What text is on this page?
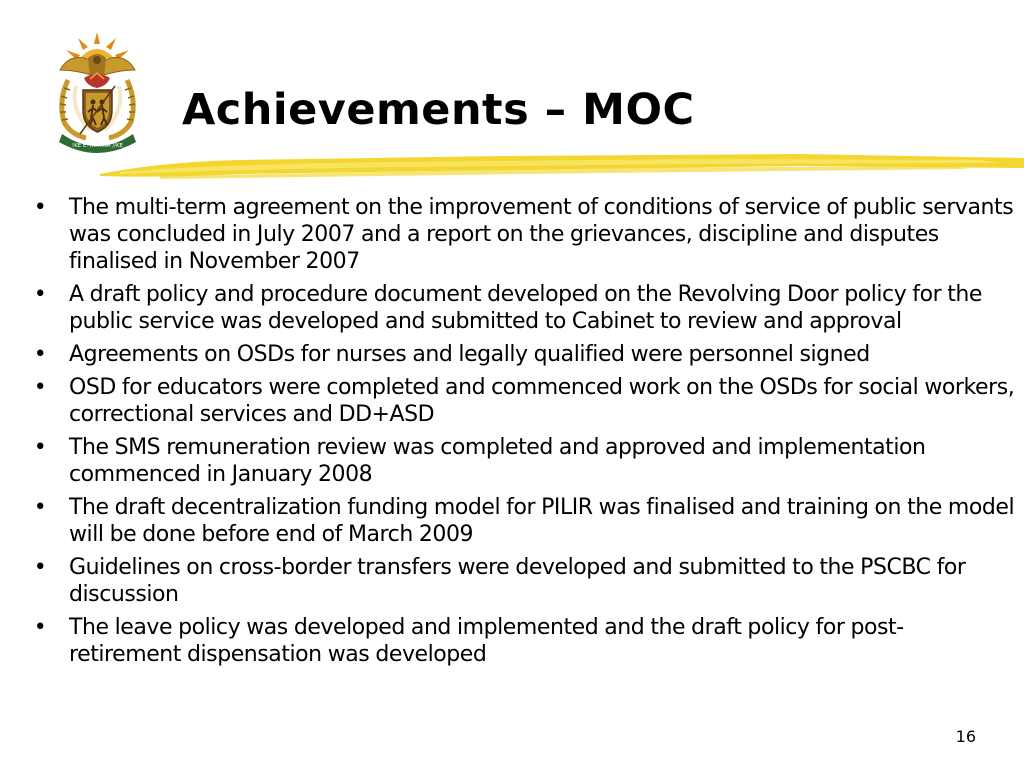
!KE E: /XARRA //KE
Achievements – MOC
• The multi-term agreement on the improvement of conditions of service of public servants was concluded in July 2007 and a report on the grievances, discipline and disputes finalised in November 2007
• A draft policy and procedure document developed on the Revolving Door policy for the public service was developed and submitted to Cabinet to review and approval
• Agreements on OSDs for nurses and legally qualified were personnel signed
• OSD for educators were completed and commenced work on the OSDs for social workers, correctional services and DD+ASD
• The SMS remuneration review was completed and approved and implementation commenced in January 2008
• The draft decentralization funding model for PILIR was finalised and training on the model will be done before end of March 2009
• Guidelines on cross-border transfers were developed and submitted to the PSCBC for discussion
• The leave policy was developed and implemented and the draft policy for post-retirement dispensation was developed
16
